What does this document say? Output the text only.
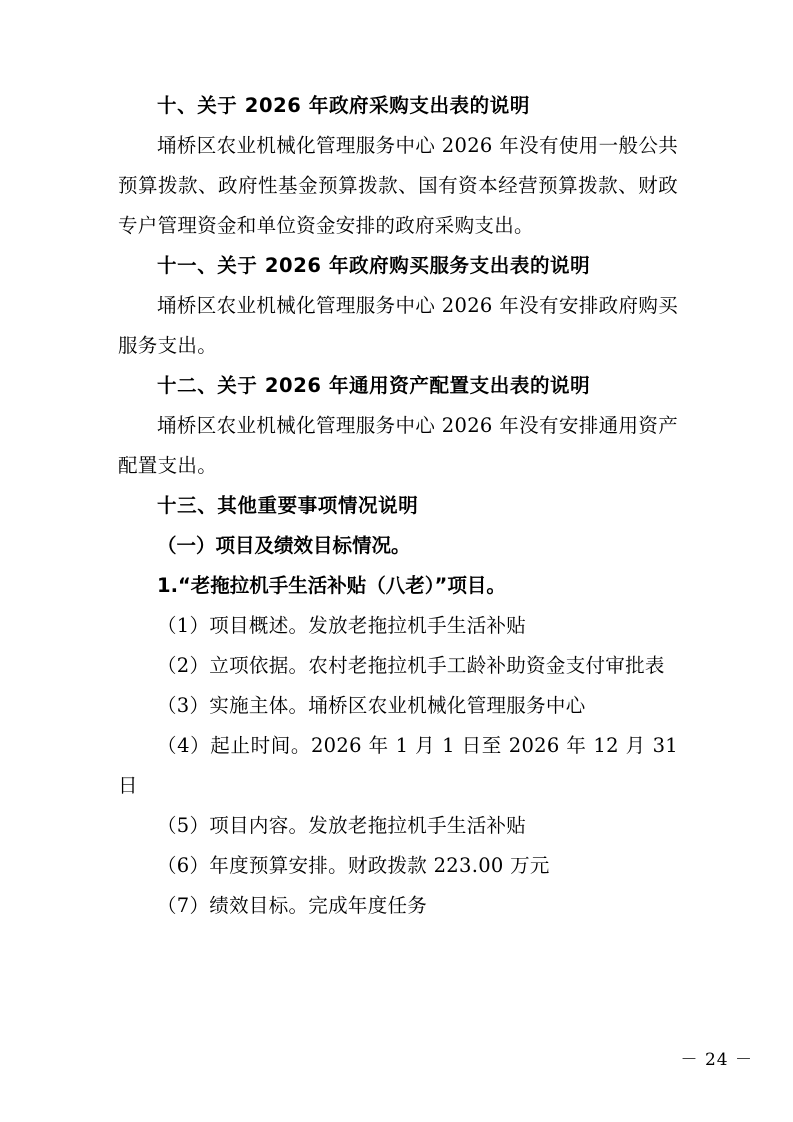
十、关于 2026 年政府采购支出表的说明

埇桥区农业机械化管理服务中心 2026 年没有使用一般公共预算拨款、政府性基金预算拨款、国有资本经营预算拨款、财政专户管理资金和单位资金安排的政府采购支出。

十一、关于 2026 年政府购买服务支出表的说明

埇桥区农业机械化管理服务中心 2026 年没有安排政府购买服务支出。

十二、关于 2026 年通用资产配置支出表的说明

埇桥区农业机械化管理服务中心 2026 年没有安排通用资产配置支出。

十三、其他重要事项情况说明

（一）项目及绩效目标情况。

1.“老拖拉机手生活补贴（八老）”项目。

（1）项目概述。发放老拖拉机手生活补贴

（2）立项依据。农村老拖拉机手工龄补助资金支付审批表

（3）实施主体。埇桥区农业机械化管理服务中心

（4）起止时间。2026 年 1 月 1 日至 2026 年 12 月 31 日

（5）项目内容。发放老拖拉机手生活补贴

（6）年度预算安排。财政拨款 223.00 万元

（7）绩效目标。完成年度任务

－ 24 －
